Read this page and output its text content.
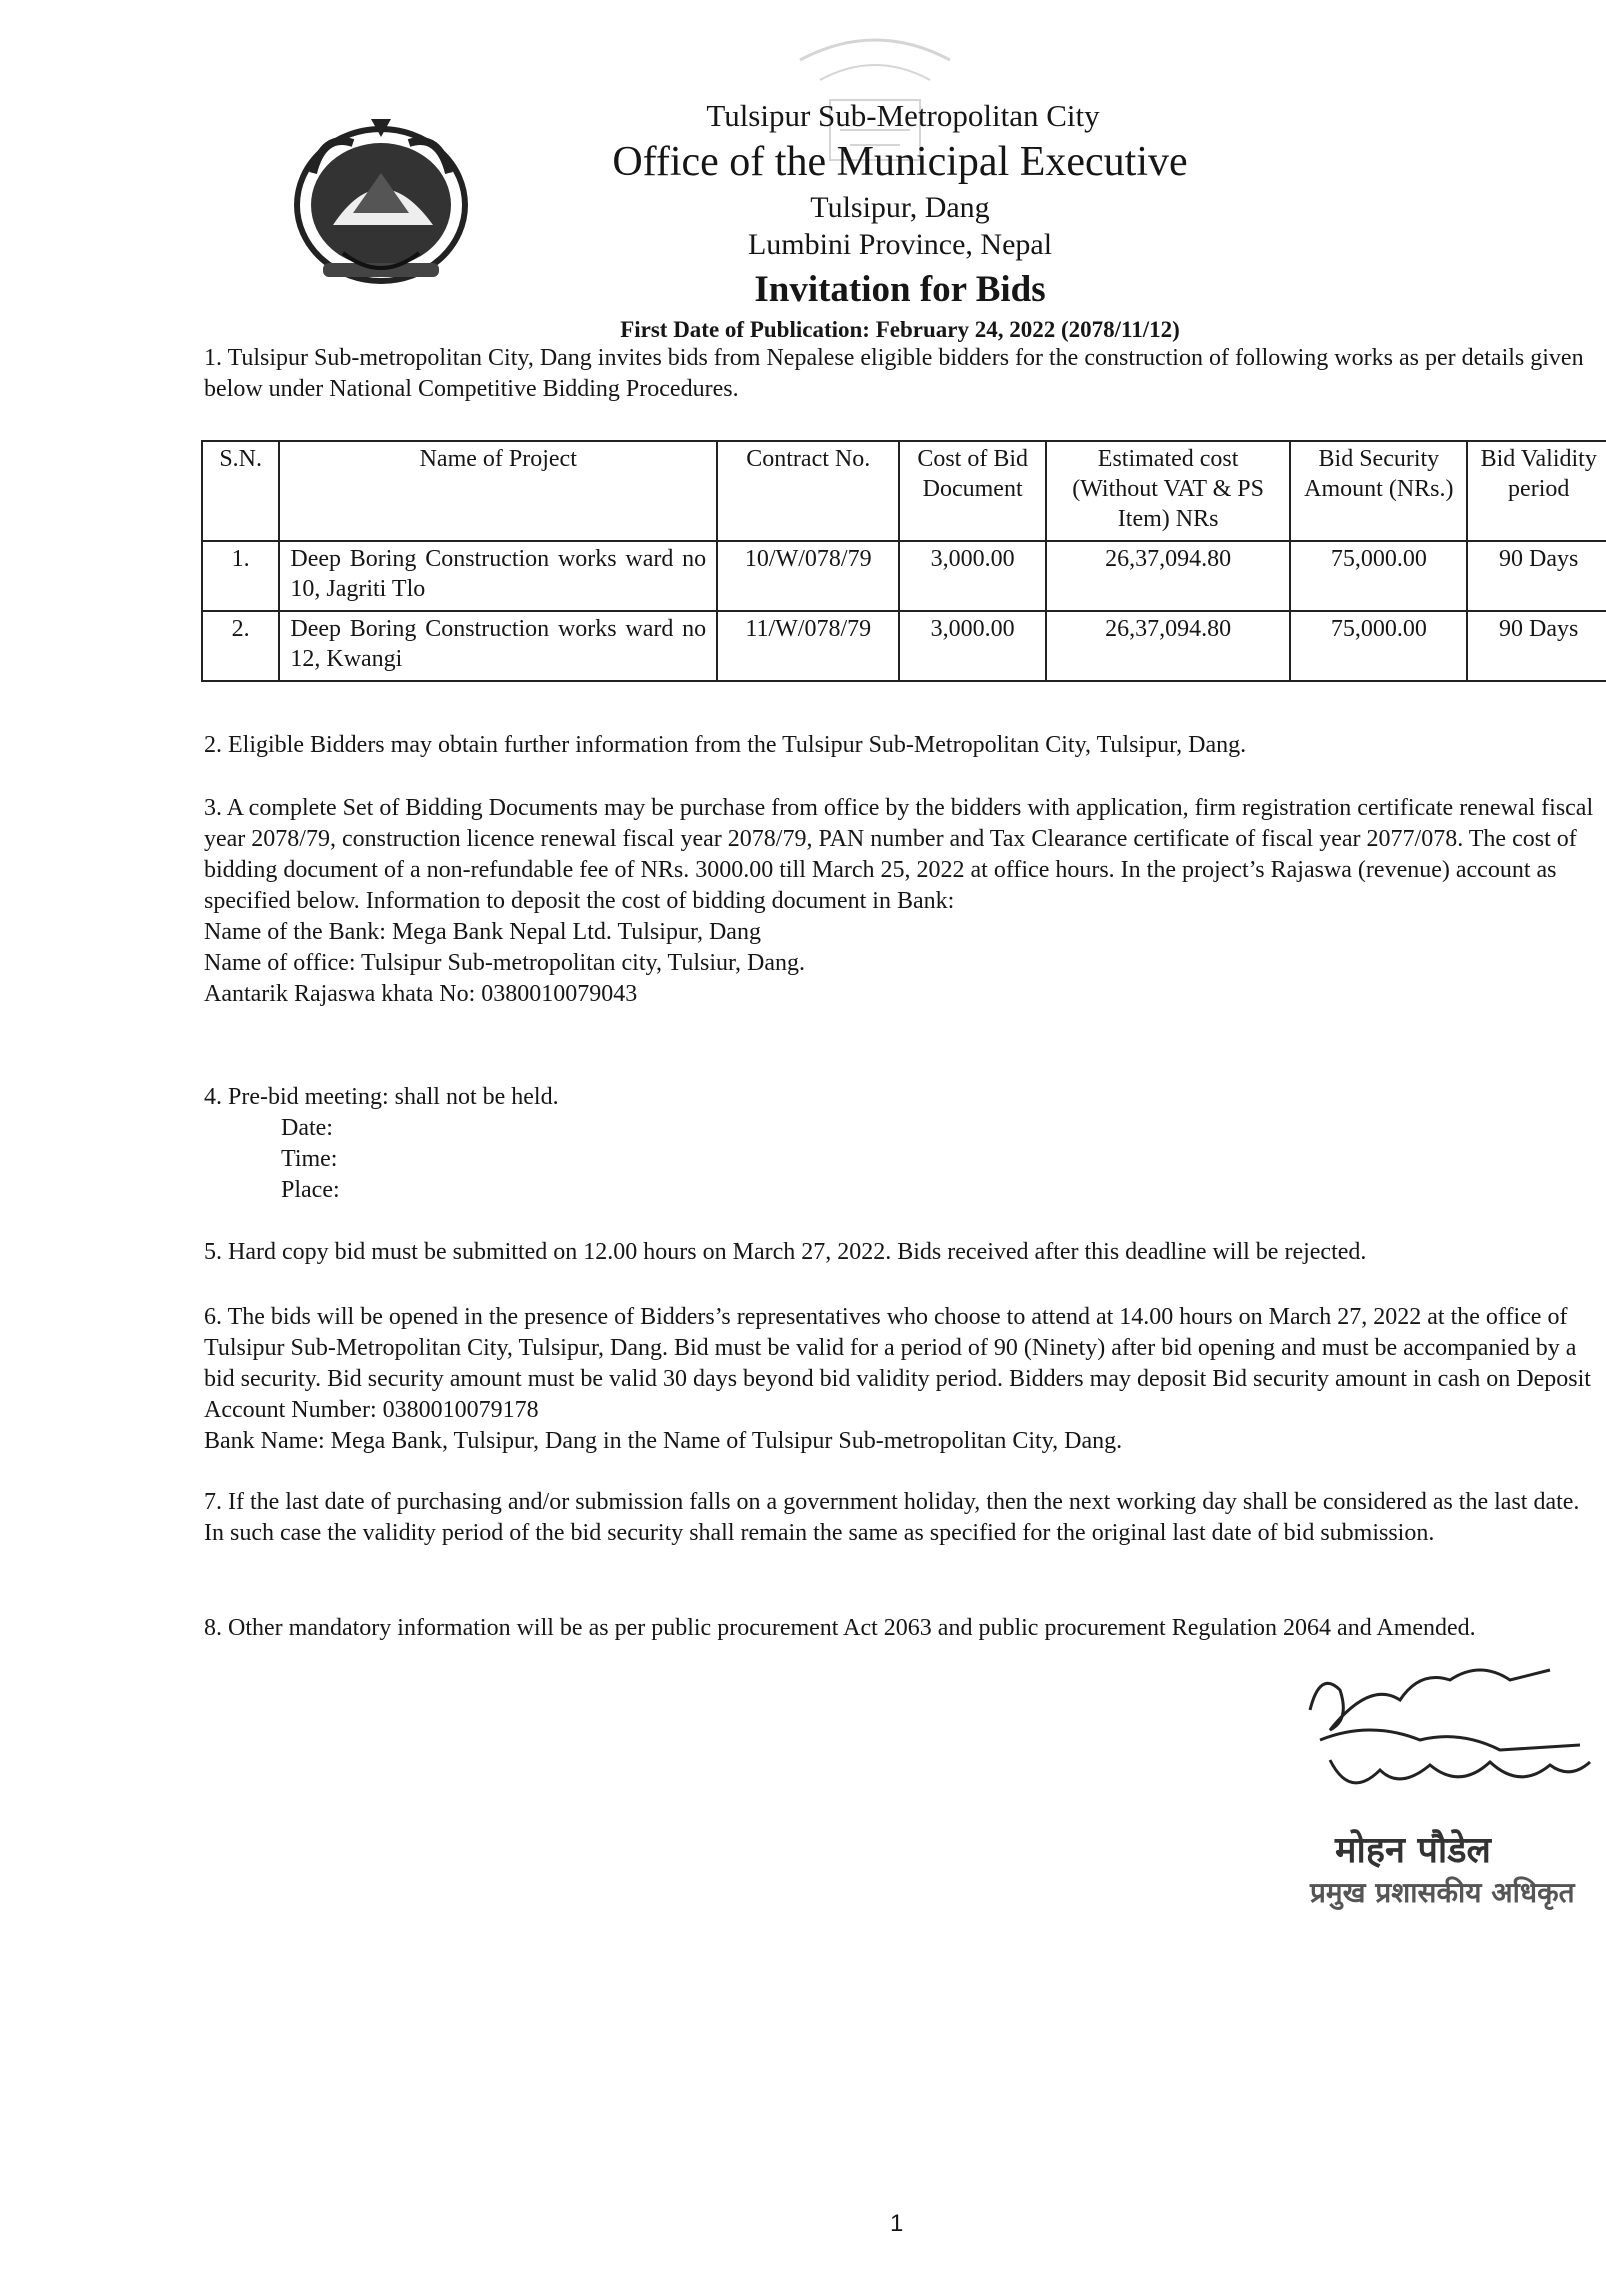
Tulsipur Sub-Metropolitan City
Office of the Municipal Executive
Tulsipur, Dang
Lumbini Province, Nepal
Invitation for Bids
First Date of Publication: February 24, 2022 (2078/11/12)
1. Tulsipur Sub-metropolitan City, Dang invites bids from Nepalese eligible bidders for the construction of following works as per details given below under National Competitive Bidding Procedures.
S.N.	Name of Project	Contract No.	Cost of Bid Document	Estimated cost (Without VAT & PS Item) NRs	Bid Security Amount (NRs.)	Bid Validity period
1.	Deep Boring Construction works ward no 10, Jagriti Tlo	10/W/078/79	3,000.00	26,37,094.80	75,000.00	90 Days
2.	Deep Boring Construction works ward no 12, Kwangi	11/W/078/79	3,000.00	26,37,094.80	75,000.00	90 Days
2. Eligible Bidders may obtain further information from the Tulsipur Sub-Metropolitan City, Tulsipur, Dang.
3. A complete Set of Bidding Documents may be purchase from office by the bidders with application, firm registration certificate renewal fiscal year 2078/79, construction licence renewal fiscal year 2078/79, PAN number and Tax Clearance certificate of fiscal year 2077/078. The cost of bidding document of a non-refundable fee of NRs. 3000.00 till March 25, 2022 at office hours. In the project’s Rajaswa (revenue) account as specified below. Information to deposit the cost of bidding document in Bank:
Name of the Bank: Mega Bank Nepal Ltd. Tulsipur, Dang
Name of office: Tulsipur Sub-metropolitan city, Tulsiur, Dang.
Aantarik Rajaswa khata No: 0380010079043
4. Pre-bid meeting: shall not be held.
Date:
Time:
Place:
5. Hard copy bid must be submitted on 12.00 hours on March 27, 2022. Bids received after this deadline will be rejected.
6. The bids will be opened in the presence of Bidders’s representatives who choose to attend at 14.00 hours on March 27, 2022 at the office of Tulsipur Sub-Metropolitan City, Tulsipur, Dang. Bid must be valid for a period of 90 (Ninety) after bid opening and must be accompanied by a bid security. Bid security amount must be valid 30 days beyond bid validity period. Bidders may deposit Bid security amount in cash on Deposit Account Number: 0380010079178
Bank Name: Mega Bank, Tulsipur, Dang in the Name of Tulsipur Sub-metropolitan City, Dang.
7. If the last date of purchasing and/or submission falls on a government holiday, then the next working day shall be considered as the last date. In such case the validity period of the bid security shall remain the same as specified for the original last date of bid submission.
8. Other mandatory information will be as per public procurement Act 2063 and public procurement Regulation 2064 and Amended.
मोहन पौडेल
प्रमुख प्रशासकीय अधिकृत
1
